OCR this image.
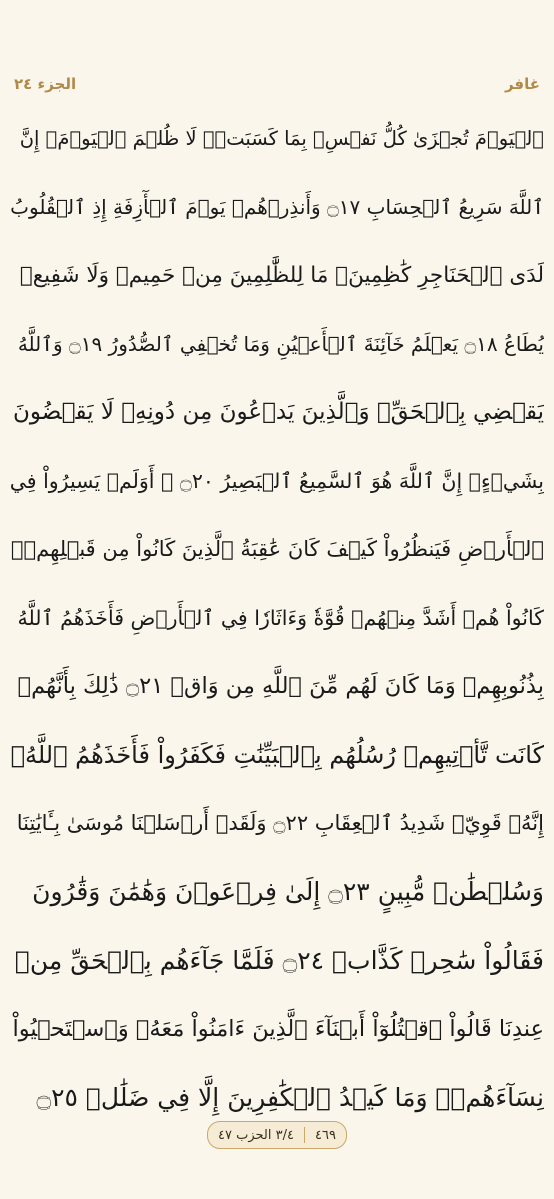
الجزء ٢٤	غافر
ٱلۡيَوۡمَ تُجۡزَىٰ كُلُّ نَفۡسِۭ بِمَا كَسَبَتۡۚ لَا ظُلۡمَ ٱلۡيَوۡمَۚ إِنَّ
ٱللَّهَ سَرِيعُ ٱلۡحِسَابِ ۝١٧ وَأَنذِرۡهُمۡ يَوۡمَ ٱلۡأٓزِفَةِ إِذِ ٱلۡقُلُوبُ
لَدَى ٱلۡحَنَاجِرِ كَٰظِمِينَۚ مَا لِلظَّٰلِمِينَ مِنۡ حَمِيمٖ وَلَا شَفِيعٖ
يُطَاعُ ۝١٨ يَعۡلَمُ خَآئِنَةَ ٱلۡأَعۡيُنِ وَمَا تُخۡفِي ٱلصُّدُورُ ۝١٩ وَٱللَّهُ
يَقۡضِي بِٱلۡحَقِّۖ وَٱلَّذِينَ يَدۡعُونَ مِن دُونِهِۦ لَا يَقۡضُونَ
بِشَيۡءٍۗ إِنَّ ٱللَّهَ هُوَ ٱلسَّمِيعُ ٱلۡبَصِيرُ ۝٢٠ ۞ أَوَلَمۡ يَسِيرُواْ فِي
ٱلۡأَرۡضِ فَيَنظُرُواْ كَيۡفَ كَانَ عَٰقِبَةُ ٱلَّذِينَ كَانُواْ مِن قَبۡلِهِمۡۚ
كَانُواْ هُمۡ أَشَدَّ مِنۡهُمۡ قُوَّةٗ وَءَاثَارٗا فِي ٱلۡأَرۡضِ فَأَخَذَهُمُ ٱللَّهُ
بِذُنُوبِهِمۡ وَمَا كَانَ لَهُم مِّنَ ٱللَّهِ مِن وَاقٖ ۝٢١ ذَٰلِكَ بِأَنَّهُمۡ
كَانَت تَّأۡتِيهِمۡ رُسُلُهُم بِٱلۡبَيِّنَٰتِ فَكَفَرُواْ فَأَخَذَهُمُ ٱللَّهُۚ
إِنَّهُۥ قَوِيّٞ شَدِيدُ ٱلۡعِقَابِ ۝٢٢ وَلَقَدۡ أَرۡسَلۡنَا مُوسَىٰ بِـَٔايَٰتِنَا
وَسُلۡطَٰنٖ مُّبِينٍ ۝٢٣ إِلَىٰ فِرۡعَوۡنَ وَهَٰمَٰنَ وَقَٰرُونَ
فَقَالُواْ سَٰحِرٞ كَذَّابٞ ۝٢٤ فَلَمَّا جَآءَهُم بِٱلۡحَقِّ مِنۡ
عِندِنَا قَالُواْ ٱقۡتُلُوٓاْ أَبۡنَآءَ ٱلَّذِينَ ءَامَنُواْ مَعَهُۥ وَٱسۡتَحۡيُواْ
نِسَآءَهُمۡۚ وَمَا كَيۡدُ ٱلۡكَٰفِرِينَ إِلَّا فِي ضَلَٰلٖ ۝٢٥
٤٦٩
٣/٤ الحزب ٤٧
